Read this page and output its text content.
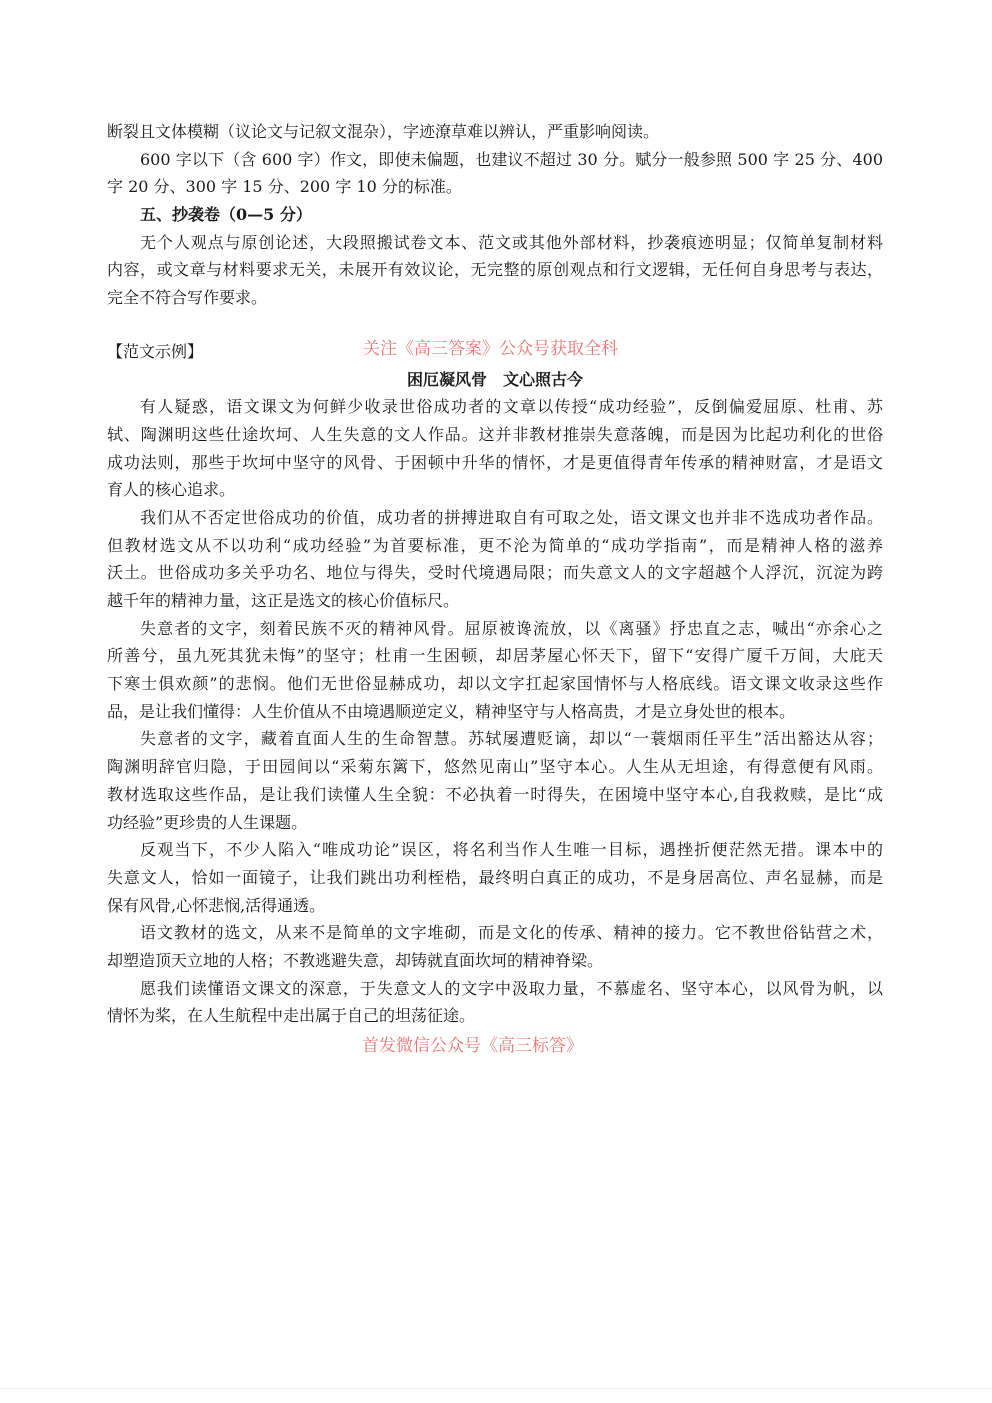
断裂且文体模糊（议论文与记叙文混杂），字迹潦草难以辨认，严重影响阅读。
600 字以下（含 600 字）作文，即使未偏题，也建议不超过 30 分。赋分一般参照 500 字 25 分、400
字 20 分、300 字 15 分、200 字 10 分的标准。
五、抄袭卷（0—5 分）
无个人观点与原创论述，大段照搬试卷文本、范文或其他外部材料，抄袭痕迹明显；仅简单复制材料
内容，或文章与材料要求无关，未展开有效议论，无完整的原创观点和行文逻辑，无任何自身思考与表达，
完全不符合写作要求。
【范文示例】	关注《高三答案》公众号获取全科
困厄凝风骨　文心照古今
有人疑惑，语文课文为何鲜少收录世俗成功者的文章以传授“成功经验”，反倒偏爱屈原、杜甫、苏
轼、陶渊明这些仕途坎坷、人生失意的文人作品。这并非教材推崇失意落魄，而是因为比起功利化的世俗
成功法则，那些于坎坷中坚守的风骨、于困顿中升华的情怀，才是更值得青年传承的精神财富，才是语文
育人的核心追求。
我们从不否定世俗成功的价值，成功者的拼搏进取自有可取之处，语文课文也并非不选成功者作品。
但教材选文从不以功利“成功经验”为首要标准，更不沦为简单的“成功学指南”，而是精神人格的滋养
沃土。世俗成功多关乎功名、地位与得失，受时代境遇局限；而失意文人的文字超越个人浮沉，沉淀为跨
越千年的精神力量，这正是选文的核心价值标尺。
失意者的文字，刻着民族不灭的精神风骨。屈原被谗流放，以《离骚》抒忠直之志，喊出“亦余心之
所善兮，虽九死其犹未悔”的坚守；杜甫一生困顿，却居茅屋心怀天下，留下“安得广厦千万间，大庇天
下寒士俱欢颜”的悲悯。他们无世俗显赫成功，却以文字扛起家国情怀与人格底线。语文课文收录这些作
品，是让我们懂得：人生价值从不由境遇顺逆定义，精神坚守与人格高贵，才是立身处世的根本。
失意者的文字，藏着直面人生的生命智慧。苏轼屡遭贬谪，却以“一蓑烟雨任平生”活出豁达从容；
陶渊明辞官归隐，于田园间以“采菊东篱下，悠然见南山”坚守本心。人生从无坦途，有得意便有风雨。
教材选取这些作品，是让我们读懂人生全貌：不必执着一时得失，在困境中坚守本心,自我救赎，是比“成
功经验”更珍贵的人生课题。
反观当下，不少人陷入“唯成功论”误区，将名利当作人生唯一目标，遇挫折便茫然无措。课本中的
失意文人，恰如一面镜子，让我们跳出功利桎梏，最终明白真正的成功，不是身居高位、声名显赫，而是
保有风骨,心怀悲悯,活得通透。
语文教材的选文，从来不是简单的文字堆砌，而是文化的传承、精神的接力。它不教世俗钻营之术，
却塑造顶天立地的人格；不教逃避失意，却铸就直面坎坷的精神脊梁。
愿我们读懂语文课文的深意，于失意文人的文字中汲取力量，不慕虚名、坚守本心，以风骨为帆，以
情怀为桨，在人生航程中走出属于自己的坦荡征途。
首发微信公众号《高三标答》
